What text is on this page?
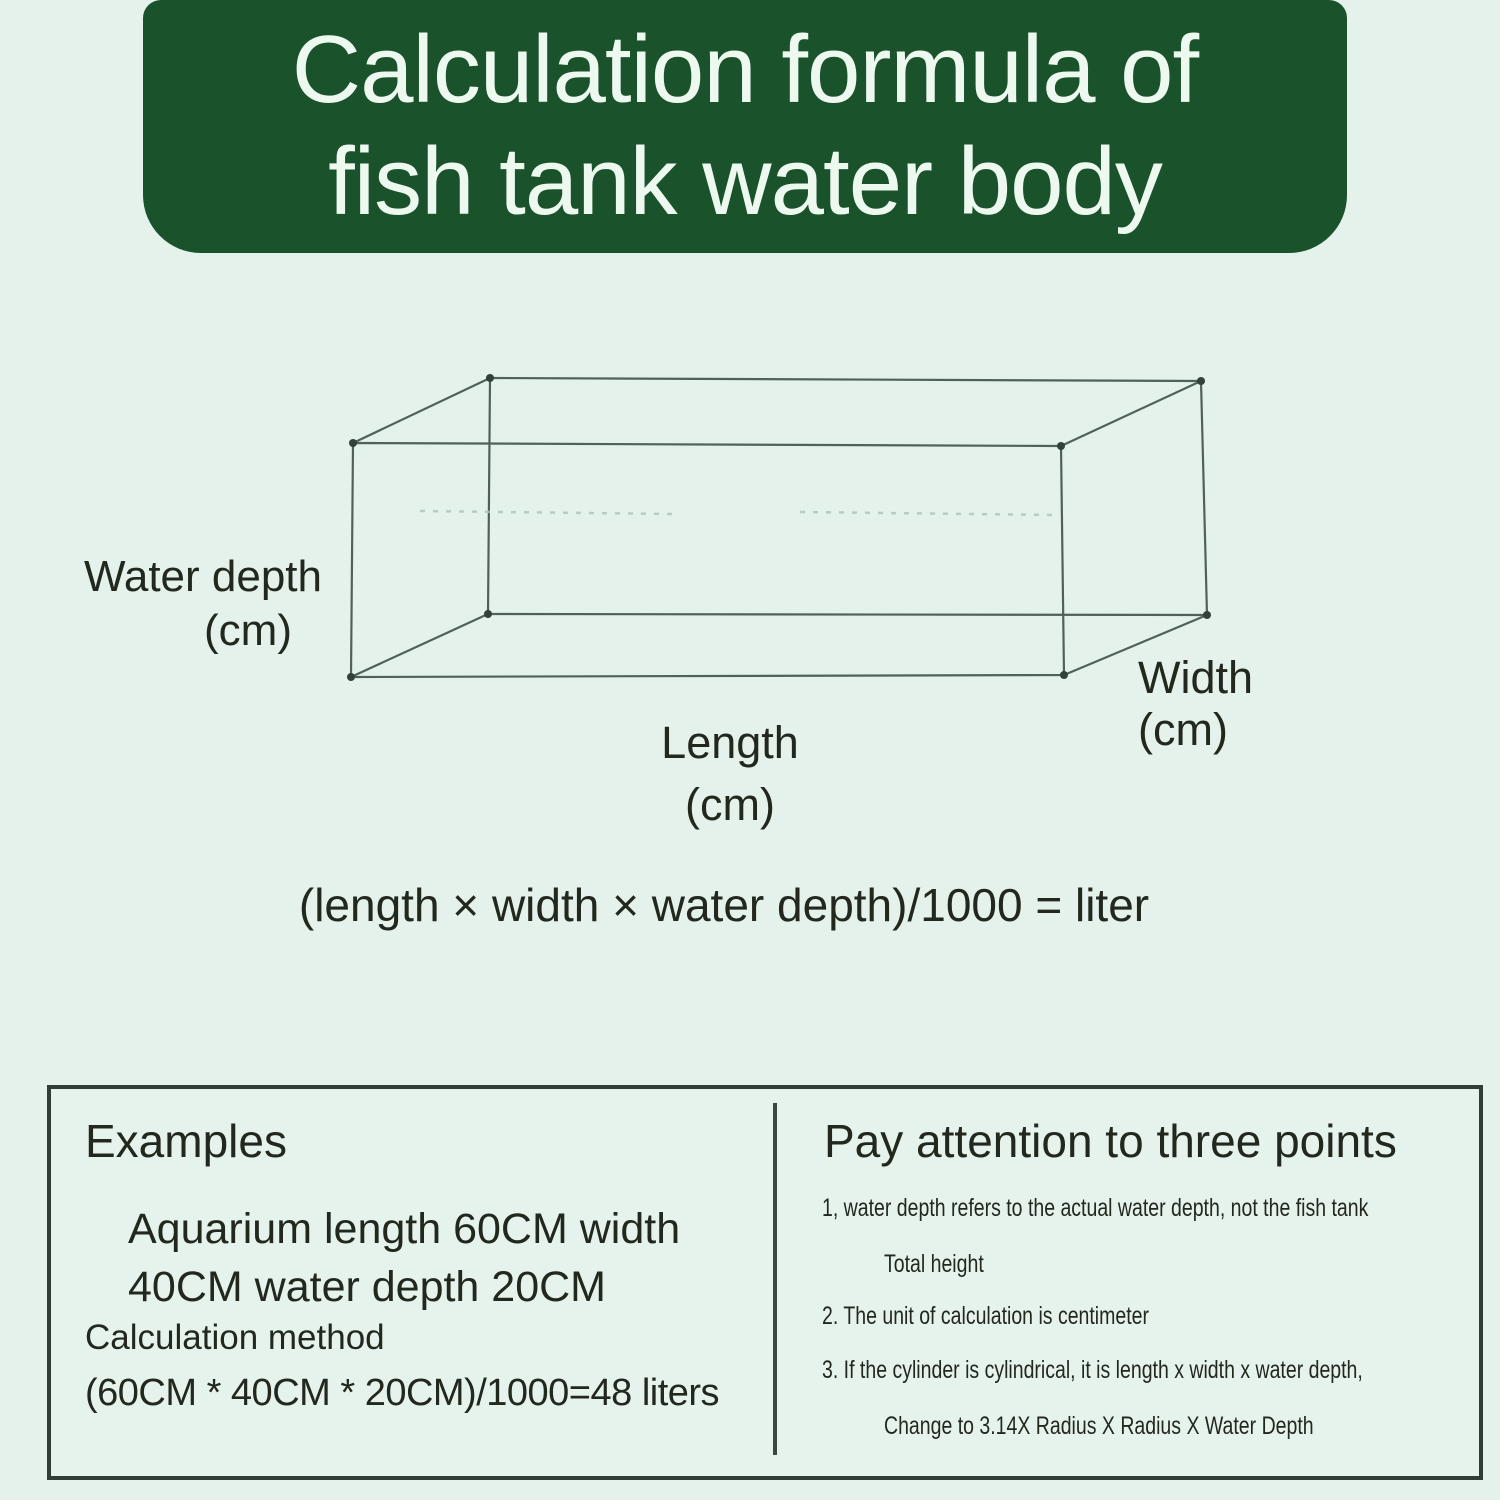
Calculation formula of
fish tank water body
Water depth
(cm)
Length
(cm)
Width
(cm)
(length × width × water depth)/1000 = liter
Examples
Aquarium length 60CM width
40CM water depth 20CM
Calculation method
(60CM * 40CM * 20CM)/1000=48 liters
Pay attention to three points
1, water depth refers to the actual water depth, not the fish tank
Total height
2. The unit of calculation is centimeter
3. If the cylinder is cylindrical, it is length x width x water depth,
Change to 3.14X Radius X Radius X Water Depth
